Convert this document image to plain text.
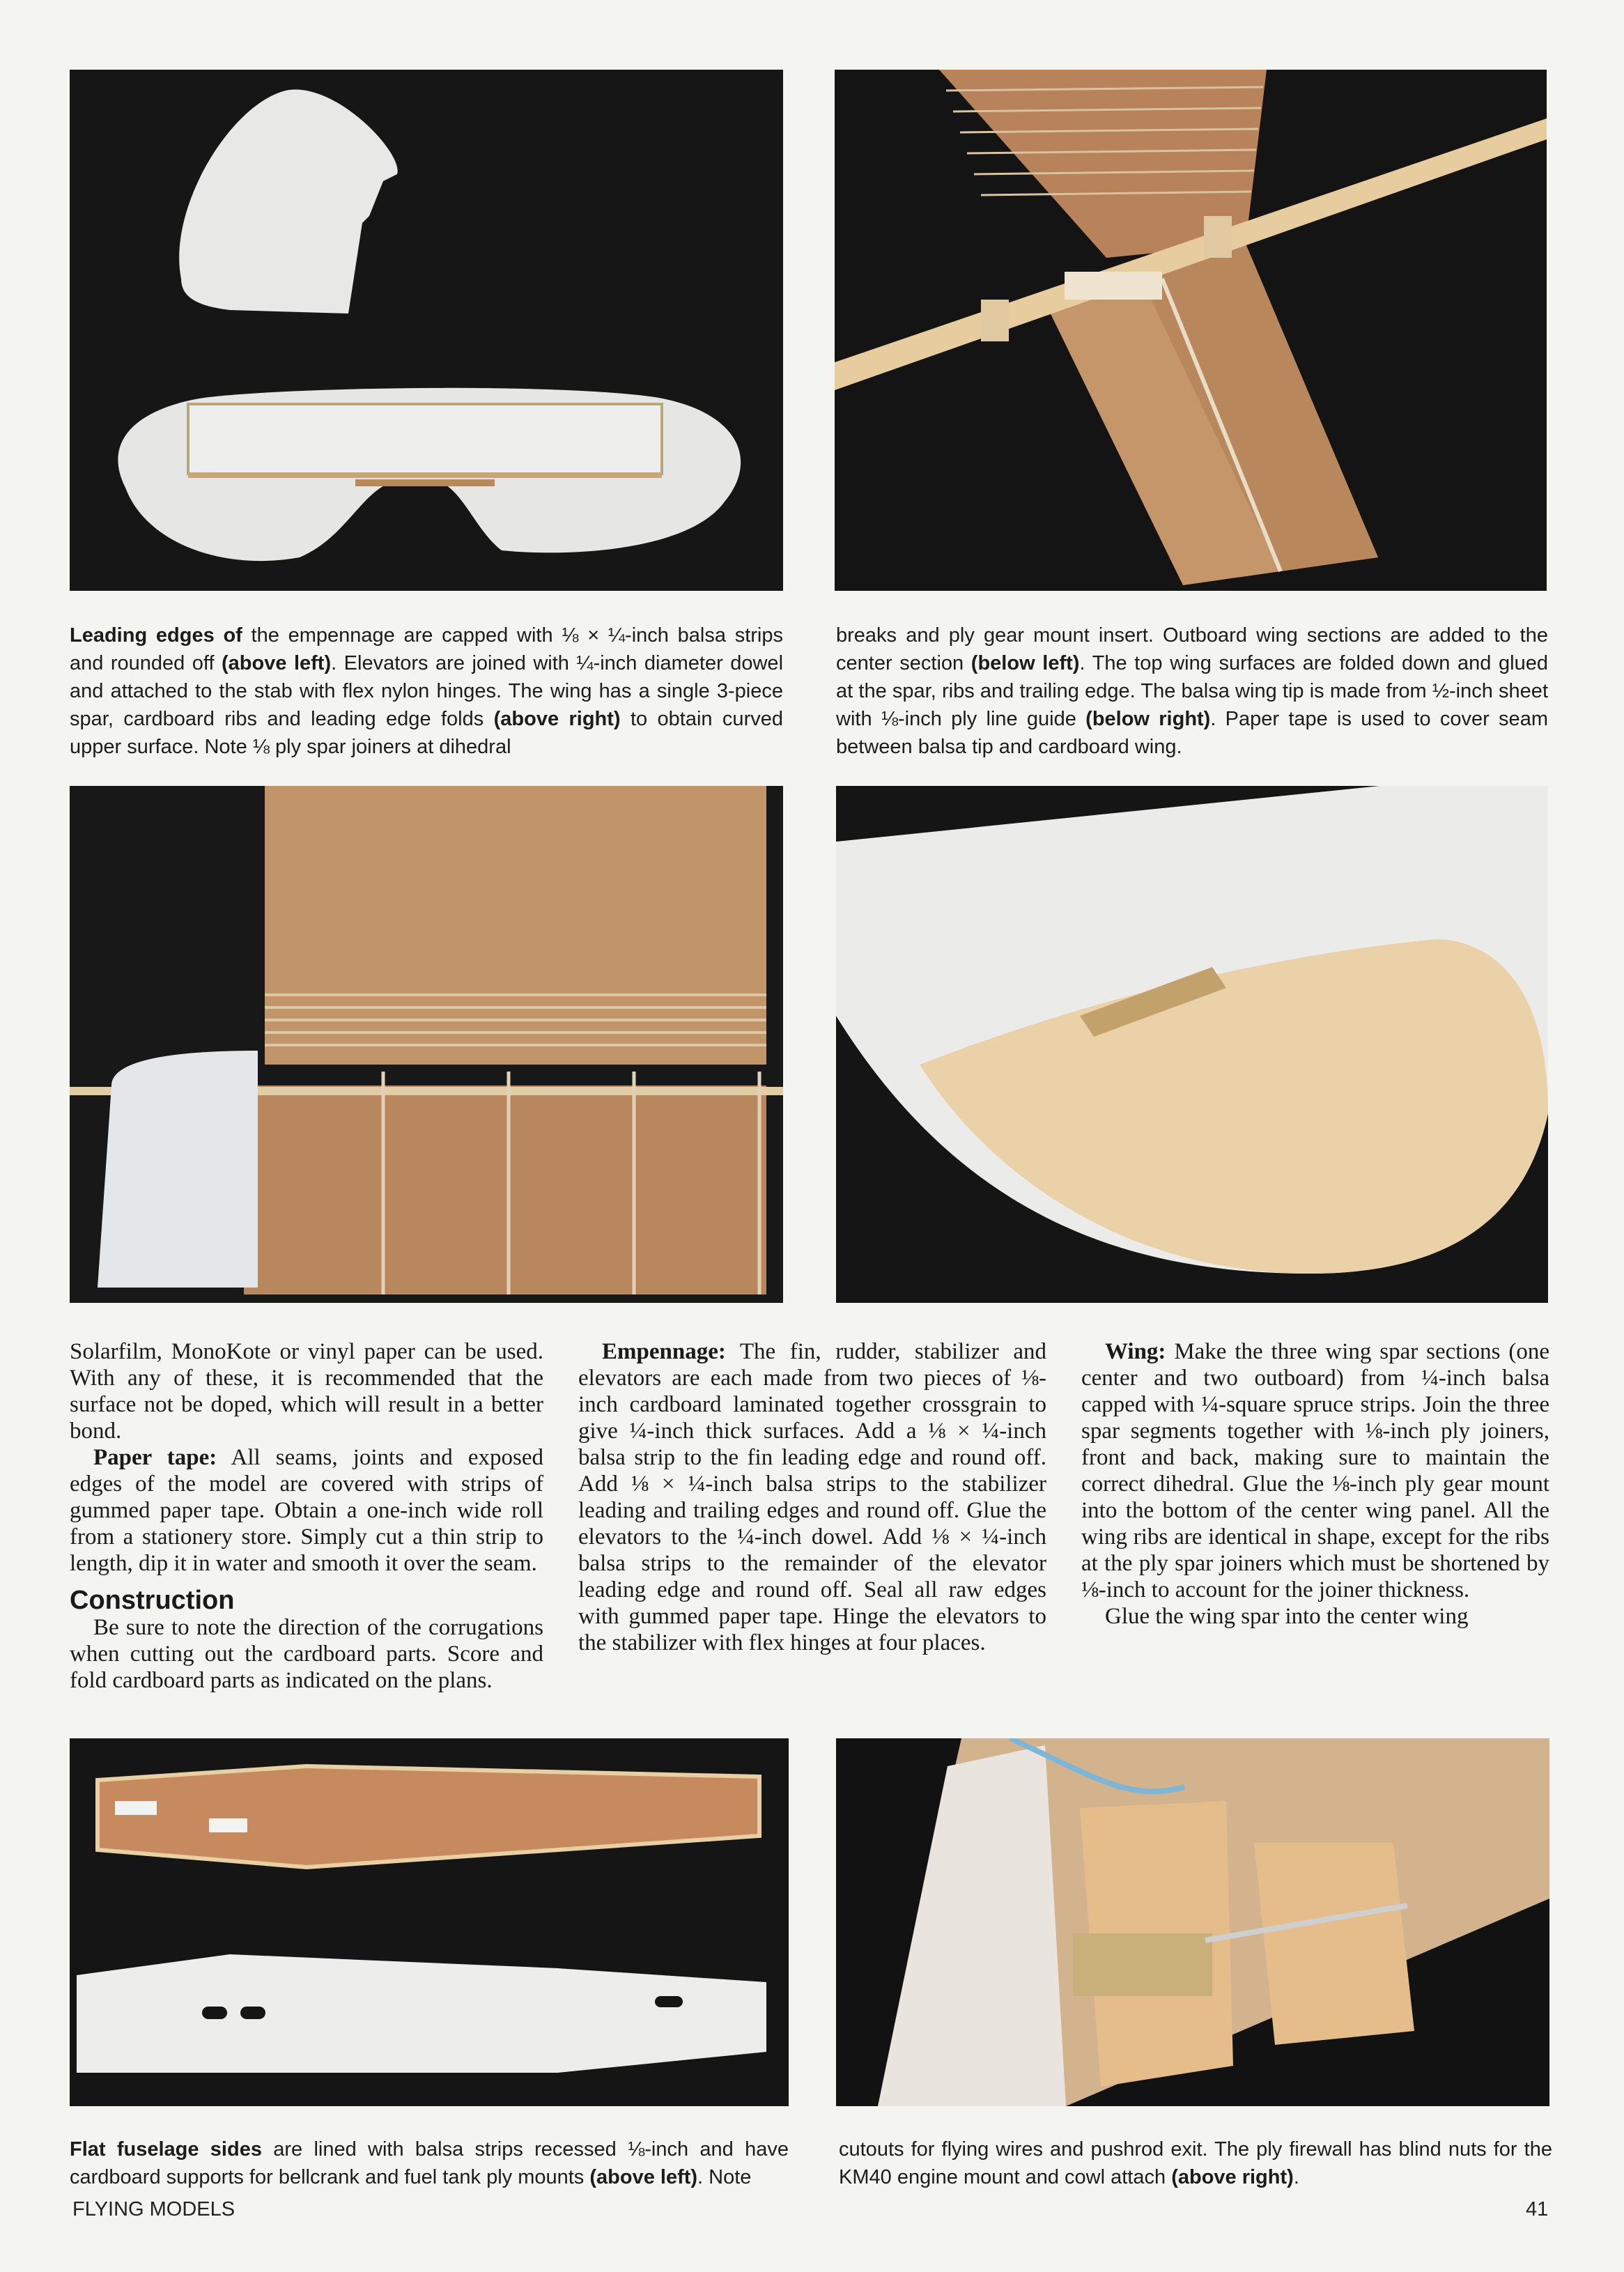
Leading edges of the empennage are capped with ⅛ × ¼-inch balsa strips and rounded off (above left). Elevators are joined with ¼-inch diameter dowel and attached to the stab with flex nylon hinges. The wing has a single 3-piece spar, cardboard ribs and leading edge folds (above right) to obtain curved upper surface. Note ⅛ ply spar joiners at dihedral
breaks and ply gear mount insert. Outboard wing sections are added to the center section (below left). The top wing surfaces are folded down and glued at the spar, ribs and trailing edge. The balsa wing tip is made from ½-inch sheet with ⅛-inch ply line guide (below right). Paper tape is used to cover seam between balsa tip and cardboard wing.

Solarfilm, MonoKote or vinyl paper can be used. With any of these, it is recommended that the surface not be doped, which will result in a better bond.

Paper tape: All seams, joints and exposed edges of the model are covered with strips of gummed paper tape. Obtain a one-inch wide roll from a stationery store. Simply cut a thin strip to length, dip it in water and smooth it over the seam.

Construction

Be sure to note the direction of the corrugations when cutting out the cardboard parts. Score and fold cardboard parts as indicated on the plans.

Empennage: The fin, rudder, stabilizer and elevators are each made from two pieces of ⅛-inch cardboard laminated together crossgrain to give ¼-inch thick surfaces. Add a ⅛ × ¼-inch balsa strip to the fin leading edge and round off. Add ⅛ × ¼-inch balsa strips to the stabilizer leading and trailing edges and round off. Glue the elevators to the ¼-inch dowel. Add ⅛ × ¼-inch balsa strips to the remainder of the elevator leading edge and round off. Seal all raw edges with gummed paper tape. Hinge the elevators to the stabilizer with flex hinges at four places.

Wing: Make the three wing spar sections (one center and two outboard) from ¼-inch balsa capped with ¼-square spruce strips. Join the three spar segments together with ⅛-inch ply joiners, front and back, making sure to maintain the correct dihedral. Glue the ⅛-inch ply gear mount into the bottom of the center wing panel. All the wing ribs are identical in shape, except for the ribs at the ply spar joiners which must be shortened by ⅛-inch to account for the joiner thickness.

Glue the wing spar into the center wing

Flat fuselage sides are lined with balsa strips recessed ⅛-inch and have cardboard supports for bellcrank and fuel tank ply mounts (above left). Note
cutouts for flying wires and pushrod exit. The ply firewall has blind nuts for the KM40 engine mount and cowl attach (above right).
FLYING MODELS	41
